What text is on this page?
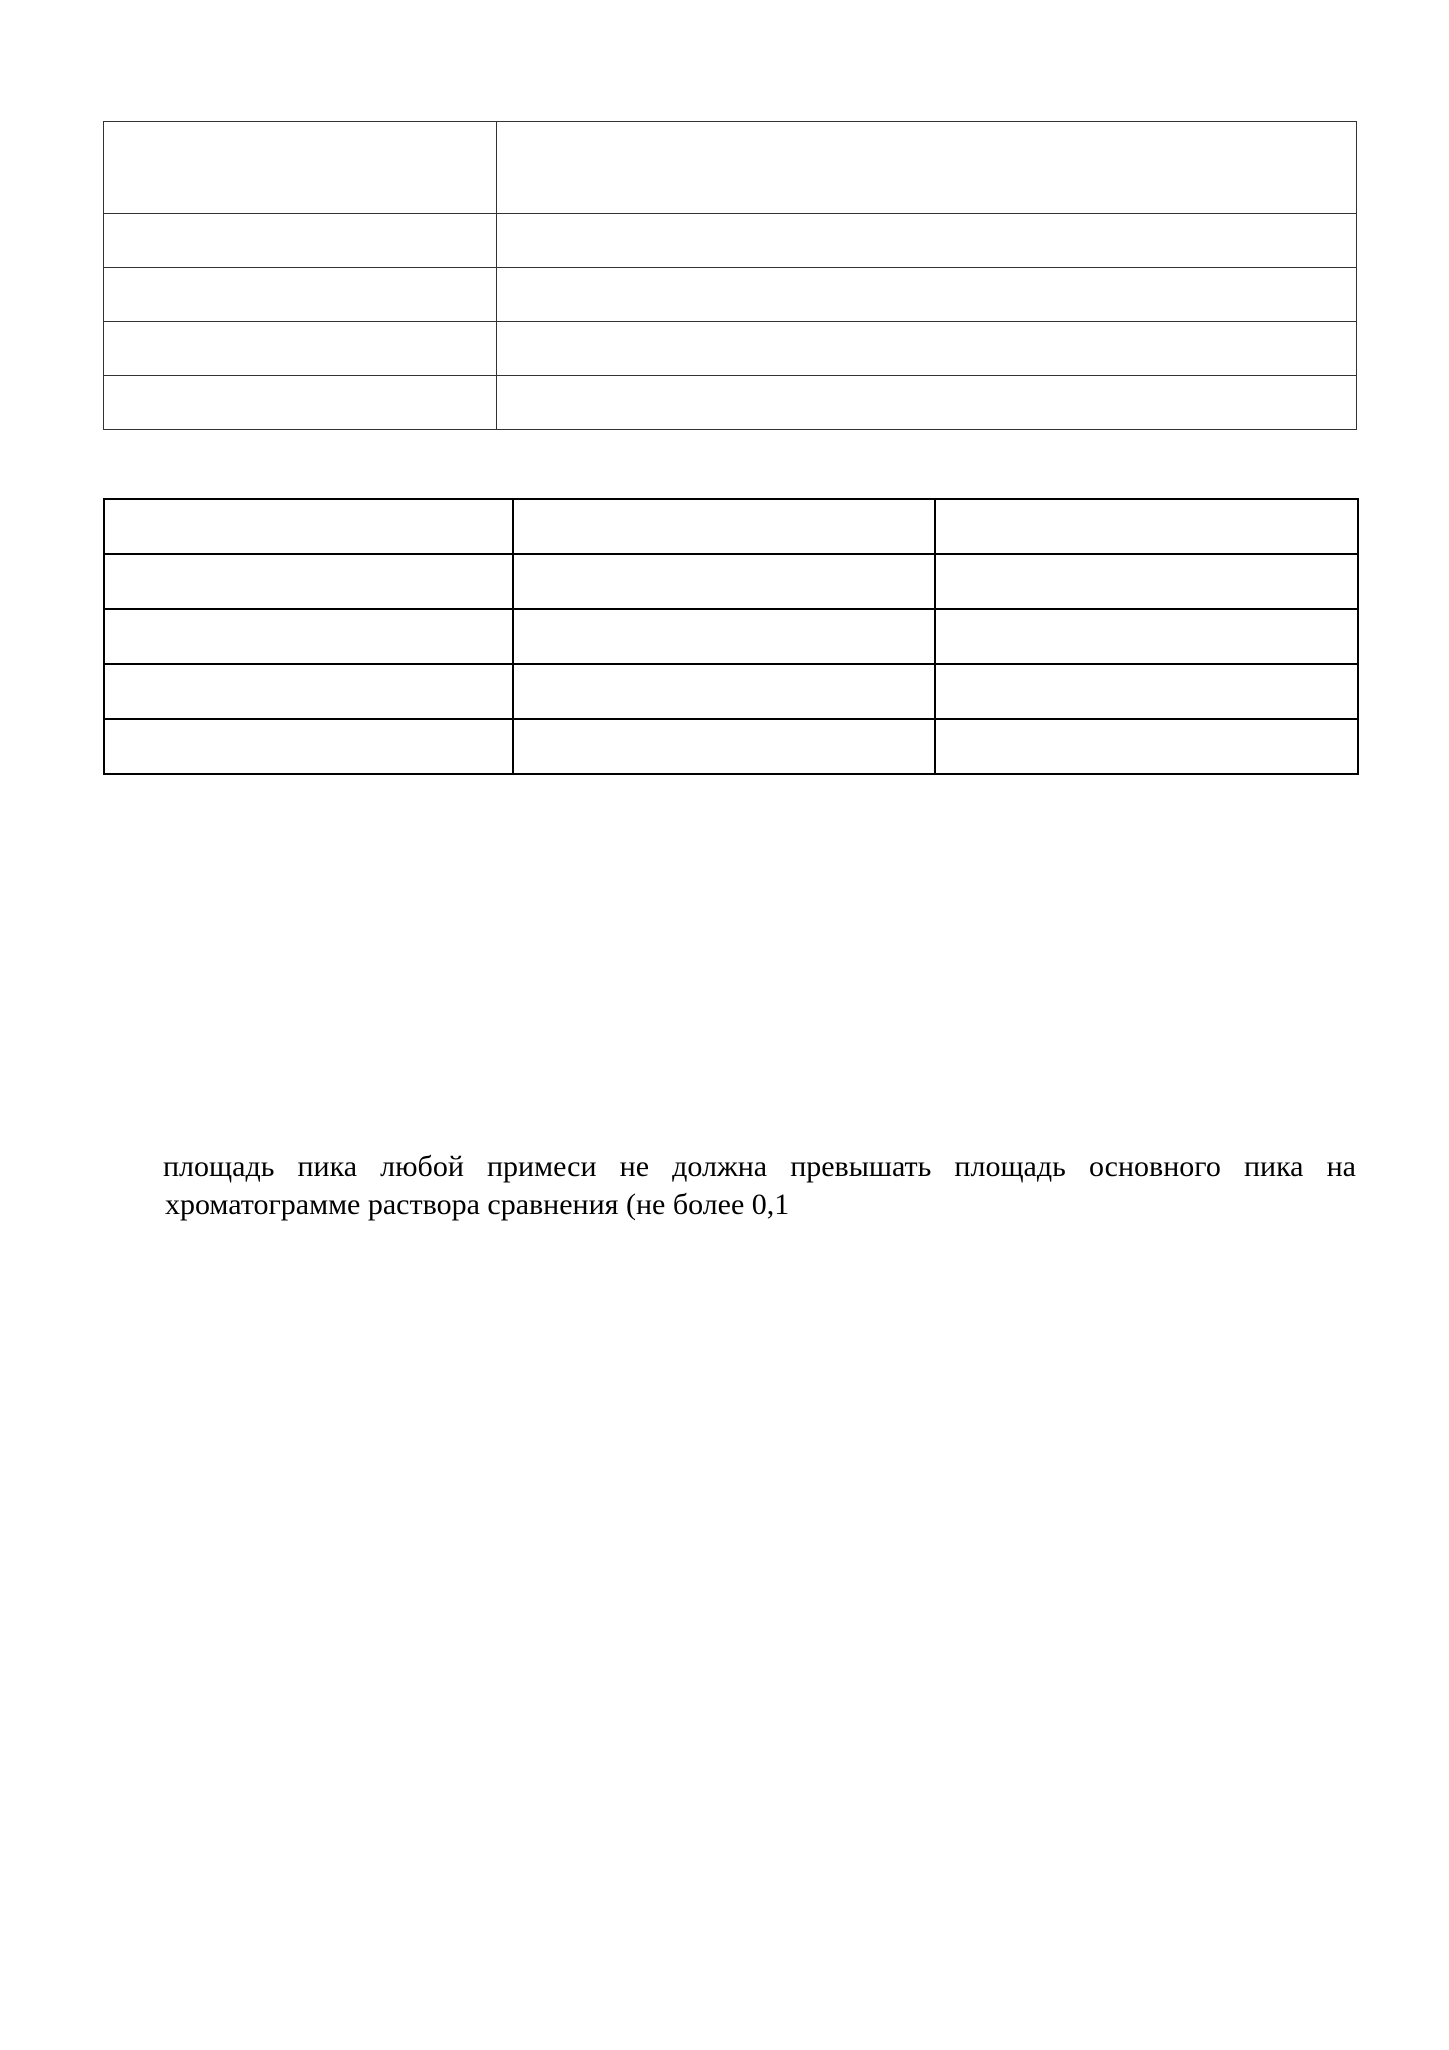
площадь пика любой примеси не должна превышать площадь основного пика на
хроматограмме раствора сравнения (не более 0,1
